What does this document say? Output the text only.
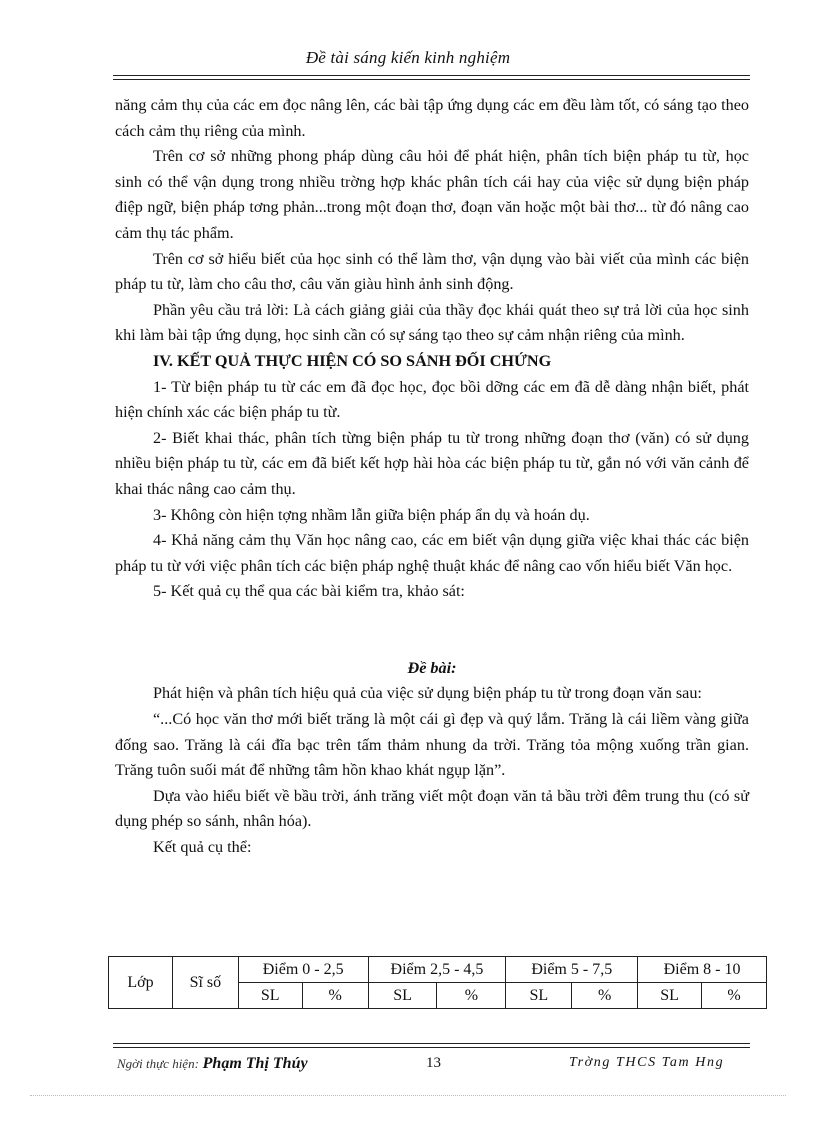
Đề tài sáng kiến kinh nghiệm

năng cảm thụ của các em đọc nâng lên, các bài tập ứng dụng các em đều làm tốt, có sáng tạo theo cách cảm thụ riêng của mình.

Trên cơ sở những phong pháp dùng câu hỏi để phát hiện, phân tích biện pháp tu từ, học sinh có thể vận dụng trong nhiều trờng hợp khác phân tích cái hay của việc sử dụng biện pháp điệp ngữ, biện pháp tơng phản...trong một đoạn thơ, đoạn văn hoặc một bài thơ... từ đó nâng cao cảm thụ tác phẩm.

Trên cơ sở hiểu biết của học sinh có thể làm thơ, vận dụng vào bài viết của mình các biện pháp tu từ, làm cho câu thơ, câu văn giàu hình ảnh sinh động.

Phần yêu cầu trả lời: Là cách giảng giải của thầy đọc khái quát theo sự trả lời của học sinh khi làm bài tập ứng dụng, học sinh cần có sự sáng tạo theo sự cảm nhận riêng của mình.

IV. KẾT QUẢ THỰC HIỆN CÓ SO SÁNH ĐỐI CHỨNG

1- Từ biện pháp tu từ các em đã đọc học, đọc bồi dỡng các em đã dễ dàng nhận biết, phát hiện chính xác các biện pháp tu từ.

2- Biết khai thác, phân tích từng biện pháp tu từ trong những đoạn thơ (văn) có sử dụng nhiều biện pháp tu từ, các em đã biết kết hợp hài hòa các biện pháp tu từ, gắn nó với văn cảnh để khai thác nâng cao cảm thụ.

3- Không còn hiện tợng nhầm lẫn giữa biện pháp ẩn dụ và hoán dụ.

4- Khả năng cảm thụ Văn học nâng cao, các em biết vận dụng giữa việc khai thác các biện pháp tu từ với việc phân tích các biện pháp nghệ thuật khác để nâng cao vốn hiểu biết Văn học.

5- Kết quả cụ thể qua các bài kiểm tra, khảo sát:

Đề bài:

Phát hiện và phân tích hiệu quả của việc sử dụng biện pháp tu từ trong đoạn văn sau:

“...Có học văn thơ mới biết trăng là một cái gì đẹp và quý lắm. Trăng là cái liềm vàng giữa đống sao. Trăng là cái đĩa bạc trên tấm thảm nhung da trời. Trăng tỏa mộng xuống trần gian. Trăng tuôn suối mát để những tâm hồn khao khát ngụp lặn”.

Dựa vào hiểu biết về bầu trời, ánh trăng viết một đoạn văn tả bầu trời đêm trung thu (có sử dụng phép so sánh, nhân hóa).

Kết quả cụ thể:

Lớp	Sĩ số	Điểm 0 - 2,5		Điểm 2,5 - 4,5		Điểm 5 - 7,5		Điểm 8 - 10	
		SL	%	SL	%	SL	%	SL	%
Ngời thực hiện: Phạm Thị Thúy	13	Trờng THCS Tam Hng
